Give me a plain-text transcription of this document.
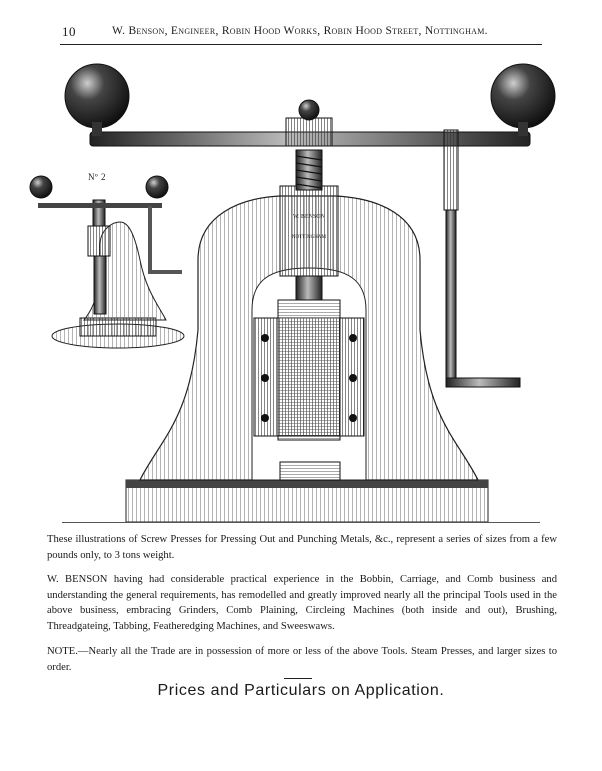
10	W. Benson, Engineer, Robin Hood Works, Robin Hood Street, Nottingham.
W. BENSON
NOTTINGHAM
Nº 2

These illustrations of Screw Presses for Pressing Out and Punching Metals, &c., represent a series of sizes from a few pounds only, to 3 tons weight.

W. BENSON having had considerable practical experience in the Bobbin, Carriage, and Comb business and understanding the general requirements, has remodelled and greatly improved nearly all the principal Tools used in the above business, embracing Grinders, Comb Plaining, Circleing Machines (both inside and out), Brushing, Threadgateing, Tabbing, Featheredging Machines, and Sweeswaws.

NOTE.—Nearly all the Trade are in possession of more or less of the above Tools. Steam Presses, and larger sizes to order.

Prices and Particulars on Application.
